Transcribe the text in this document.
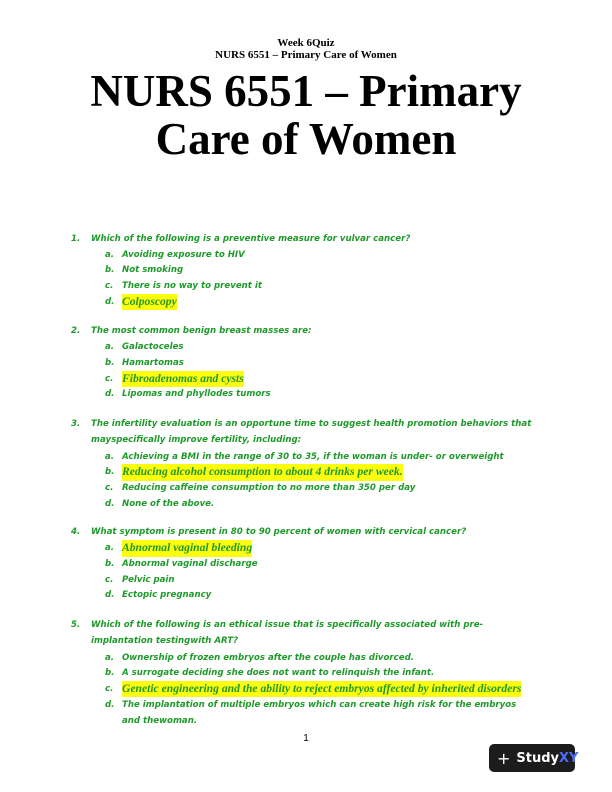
Week 6Quiz
NURS 6551 – Primary Care of Women
NURS 6551 – Primary
Care of Women
1. Which of the following is a preventive measure for vulvar cancer?
a. Avoiding exposure to HIV
b. Not smoking
c. There is no way to prevent it
d. Colposcopy
2. The most common benign breast masses are:
a. Galactoceles
b. Hamartomas
c. Fibroadenomas and cysts
d. Lipomas and phyllodes tumors
3. The infertility evaluation is an opportune time to suggest health promotion behaviors that mayspecifically improve fertility, including:
a. Achieving a BMI in the range of 30 to 35, if the woman is under- or overweight
b. Reducing alcohol consumption to about 4 drinks per week.
c. Reducing caffeine consumption to no more than 350 per day
d. None of the above.
4. What symptom is present in 80 to 90 percent of women with cervical cancer?
a. Abnormal vaginal bleeding
b. Abnormal vaginal discharge
c. Pelvic pain
d. Ectopic pregnancy
5. Which of the following is an ethical issue that is specifically associated with pre-implantation testingwith ART?
a. Ownership of frozen embryos after the couple has divorced.
b. A surrogate deciding she does not want to relinquish the infant.
c. Genetic engineering and the ability to reject embryos affected by inherited disorders
d. The implantation of multiple embryos which can create high risk for the embryos and thewoman.
1
+ Study XY
